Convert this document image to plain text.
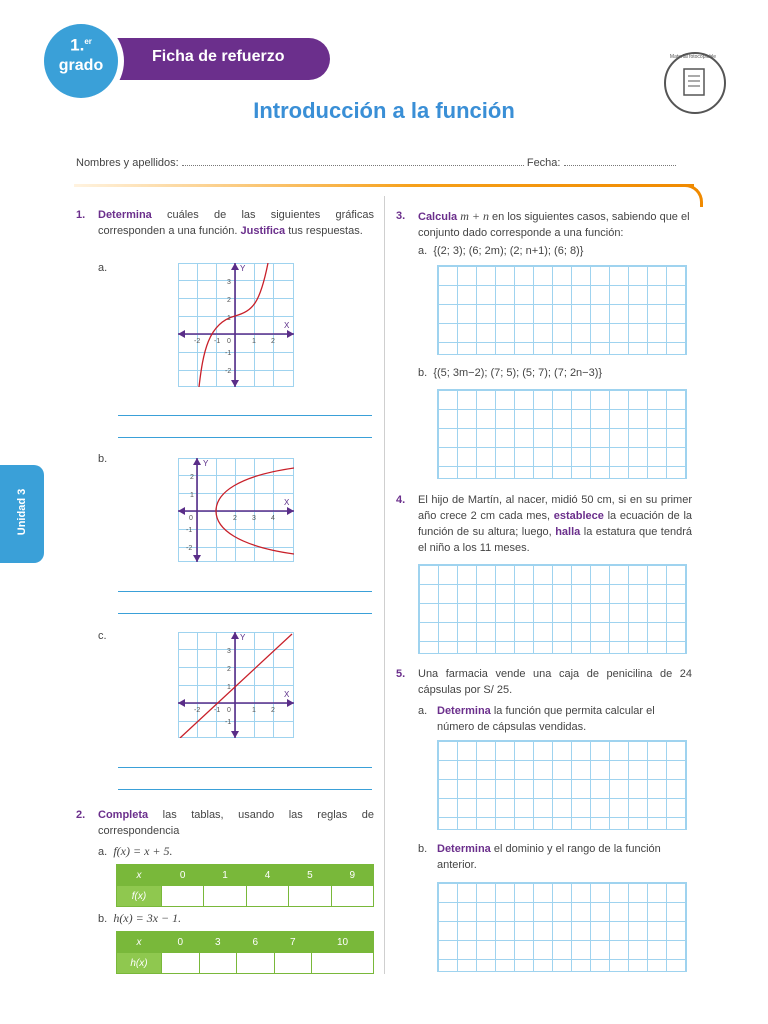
Ficha de refuerzo
1.$^{er}$
grado
Material fotocopiable
Introducción a la función
Nombres y apellidos:	Fecha:
Unidad 3
1. Determina cuáles de las siguientes gráficas corresponden a una función. Justifica tus respuestas.
a.
X
Y
-2 -1 0	1 2
3
2
1
-1
-2
b.
X
Y
0	2 3 4
2
1
-1
-2
c.
X
Y
-2 -1 0	1 2
3
2
1
-1
2. Completa las tablas, usando las reglas de correspondencia
a. f(x) = x + 5.
x	0	1	4	5	9
f(x)					
b. h(x) = 3x − 1.
x	0	3	6	7	10
h(x)					
3. Calcula m + n en los siguientes casos, sabiendo que el conjunto dado corresponde a una función:
a. {(2; 3); (6; 2m); (2; n+1); (6; 8)}
b. {(5; 3m−2); (7; 5); (5; 7); (7; 2n−3)}
4. El hijo de Martín, al nacer, midió 50 cm, si en su primer año crece 2 cm cada mes, establece la ecuación de la función de su altura; luego, halla la estatura que tendrá el niño a los 11 meses.
5. Una farmacia vende una caja de penicilina de 24 cápsulas por S/ 25.
a. Determina la función que permita calcular el número de cápsulas vendidas.
b. Determina el dominio y el rango de la función anterior.
